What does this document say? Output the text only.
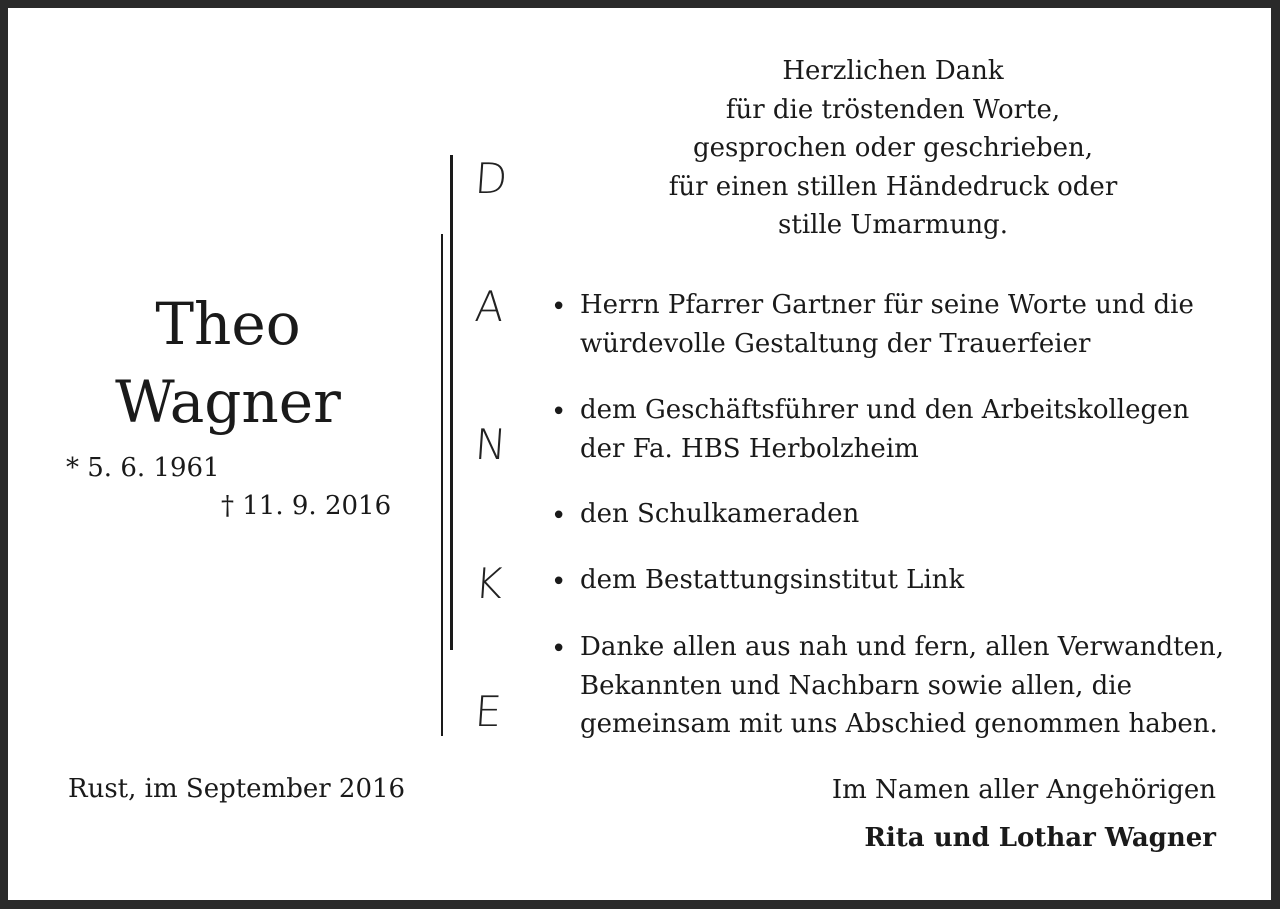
Theo
Wagner
* 5. 6. 1961
† 11. 9. 2016
Rust, im September 2016
D
A
N
K
E
Herzlichen Dank
für die tröstenden Worte,
gesprochen oder geschrieben,
für einen stillen Händedruck oder
stille Umarmung.
• Herrn Pfarrer Gartner für seine Worte und die
würdevolle Gestaltung der Trauerfeier
• dem Geschäftsführer und den Arbeitskollegen
der Fa. HBS Herbolzheim
• den Schulkameraden
• dem Bestattungsinstitut Link
• Danke allen aus nah und fern, allen Verwandten,
Bekannten und Nachbarn sowie allen, die
gemeinsam mit uns Abschied genommen haben.
Im Namen aller Angehörigen
Rita und Lothar Wagner
